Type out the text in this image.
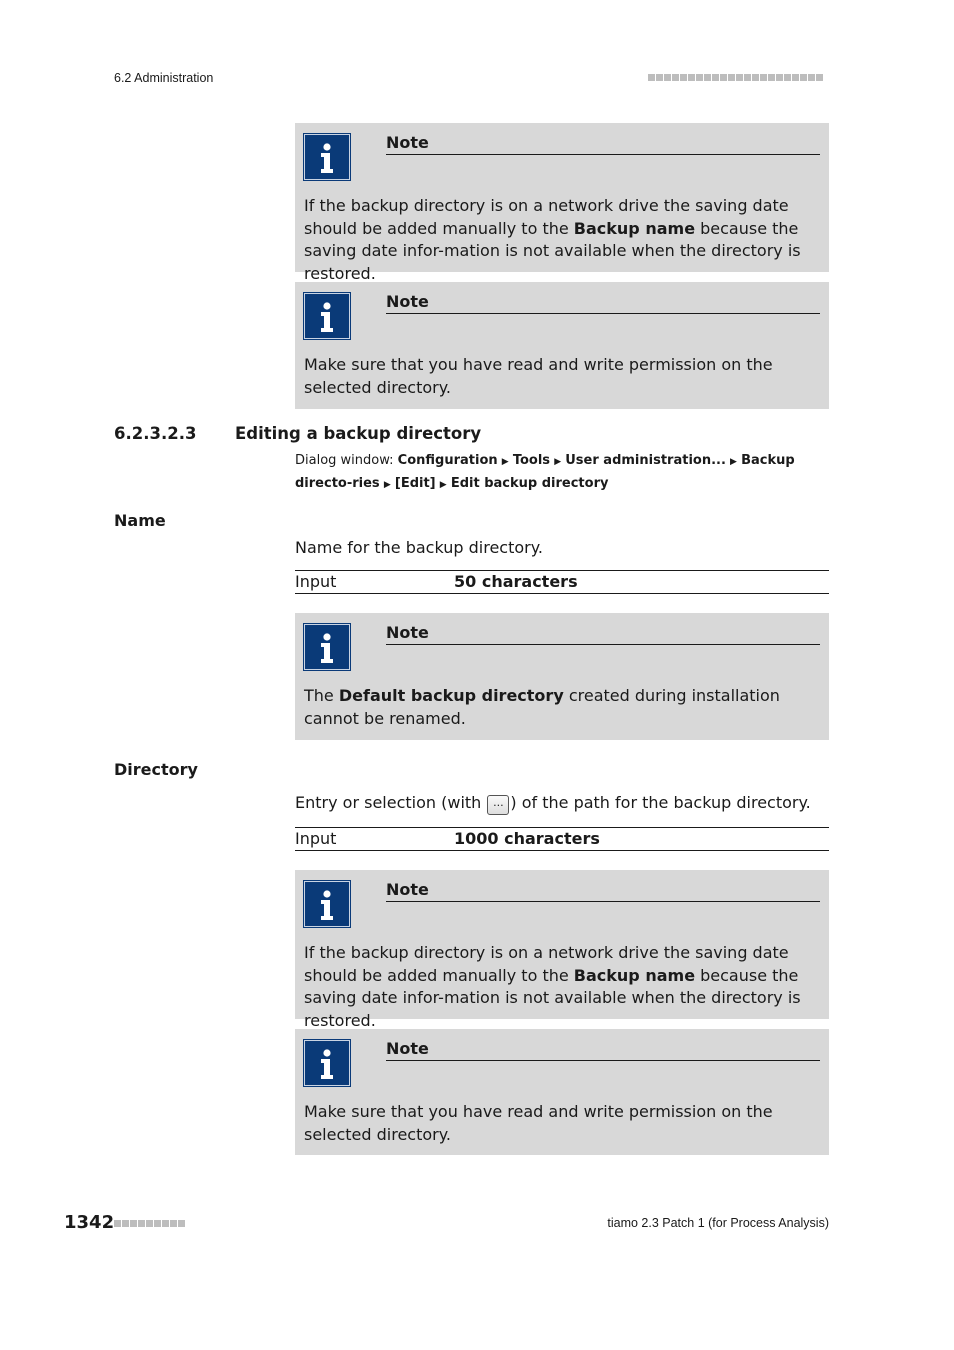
6.2 Administration
Note
If the backup directory is on a network drive the saving date should be added manually to the Backup name because the saving date infor-mation is not available when the directory is restored.
Note
Make sure that you have read and write permission on the selected directory.
6.2.3.2.3 Editing a backup directory
Dialog window: Configuration ▶ Tools ▶ User administration... ▶ Backup directo-ries ▶ [Edit] ▶ Edit backup directory
Name
Name for the backup directory.
Input	50 characters
Note
The Default backup directory created during installation cannot be renamed.
Directory
Entry or selection (with ... ) of the path for the backup directory.
Input	1000 characters
Note
If the backup directory is on a network drive the saving date should be added manually to the Backup name because the saving date infor-mation is not available when the directory is restored.
Note
Make sure that you have read and write permission on the selected directory.
1342	tiamo 2.3 Patch 1 (for Process Analysis)
